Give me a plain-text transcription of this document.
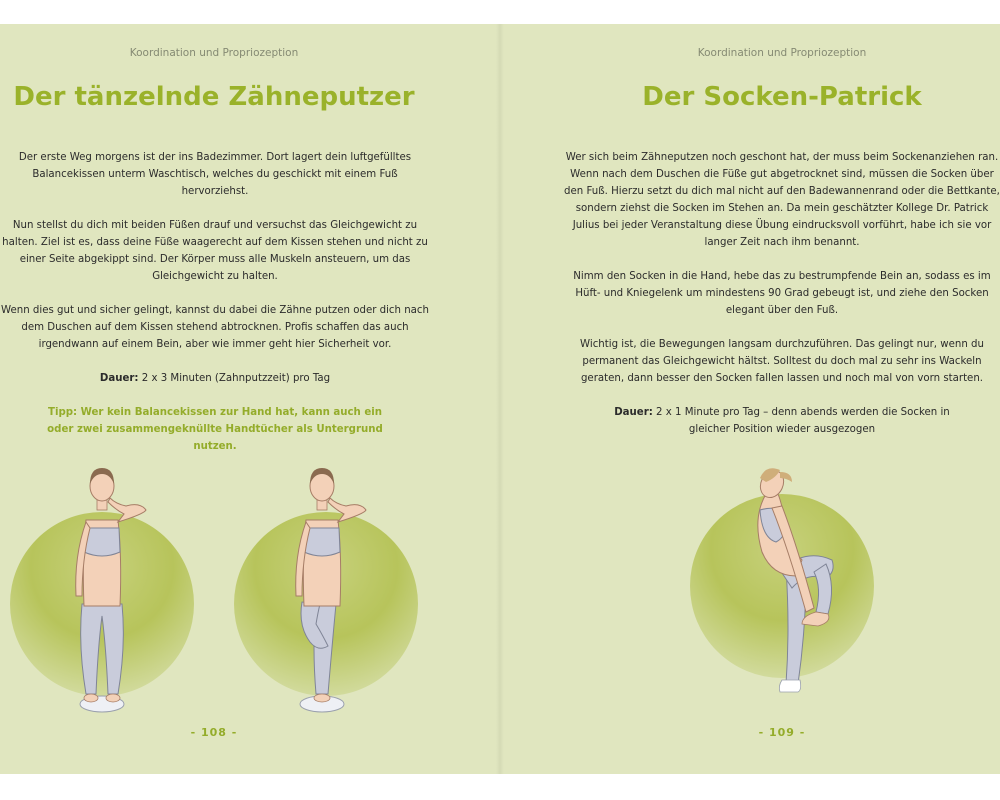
Koordination und Propriozeption
Der tänzelnde Zähneputzer

Der erste Weg morgens ist der ins Badezimmer. Dort lagert dein luftgefülltes Balancekissen unterm Waschtisch, welches du geschickt mit einem Fuß hervorziehst.

Nun stellst du dich mit beiden Füßen drauf und versuchst das Gleichgewicht zu halten. Ziel ist es, dass deine Füße waagerecht auf dem Kissen stehen und nicht zu einer Seite abgekippt sind. Der Körper muss alle Muskeln ansteuern, um das Gleichgewicht zu halten.

Wenn dies gut und sicher gelingt, kannst du dabei die Zähne putzen oder dich nach dem Duschen auf dem Kissen stehend abtrocknen. Profis schaffen das auch irgendwann auf einem Bein, aber wie immer geht hier Sicherheit vor.

Dauer: 2 x 3 Minuten (Zahnputzzeit) pro Tag

Tipp: Wer kein Balancekissen zur Hand hat, kann auch ein oder zwei zusammengeknüllte Handtücher als Untergrund nutzen.

- 108 -
Koordination und Propriozeption
Der Socken-Patrick

Wer sich beim Zähneputzen noch geschont hat, der muss beim Sockenanziehen ran. Wenn nach dem Duschen die Füße gut abgetrocknet sind, müssen die Socken über den Fuß. Hierzu setzt du dich mal nicht auf den Badewannenrand oder die Bettkante, sondern ziehst die Socken im Stehen an. Da mein geschätzter Kollege Dr. Patrick Julius bei jeder Veranstaltung diese Übung eindrucksvoll vorführt, habe ich sie vor langer Zeit nach ihm benannt.

Nimm den Socken in die Hand, hebe das zu bestrumpfende Bein an, sodass es im Hüft- und Kniegelenk um mindestens 90 Grad gebeugt ist, und ziehe den Socken elegant über den Fuß.

Wichtig ist, die Bewegungen langsam durchzuführen. Das gelingt nur, wenn du permanent das Gleichgewicht hältst. Solltest du doch mal zu sehr ins Wackeln geraten, dann besser den Socken fallen lassen und noch mal von vorn starten.

Dauer: 2 x 1 Minute pro Tag – denn abends werden die Socken in gleicher Position wieder ausgezogen

- 109 -
